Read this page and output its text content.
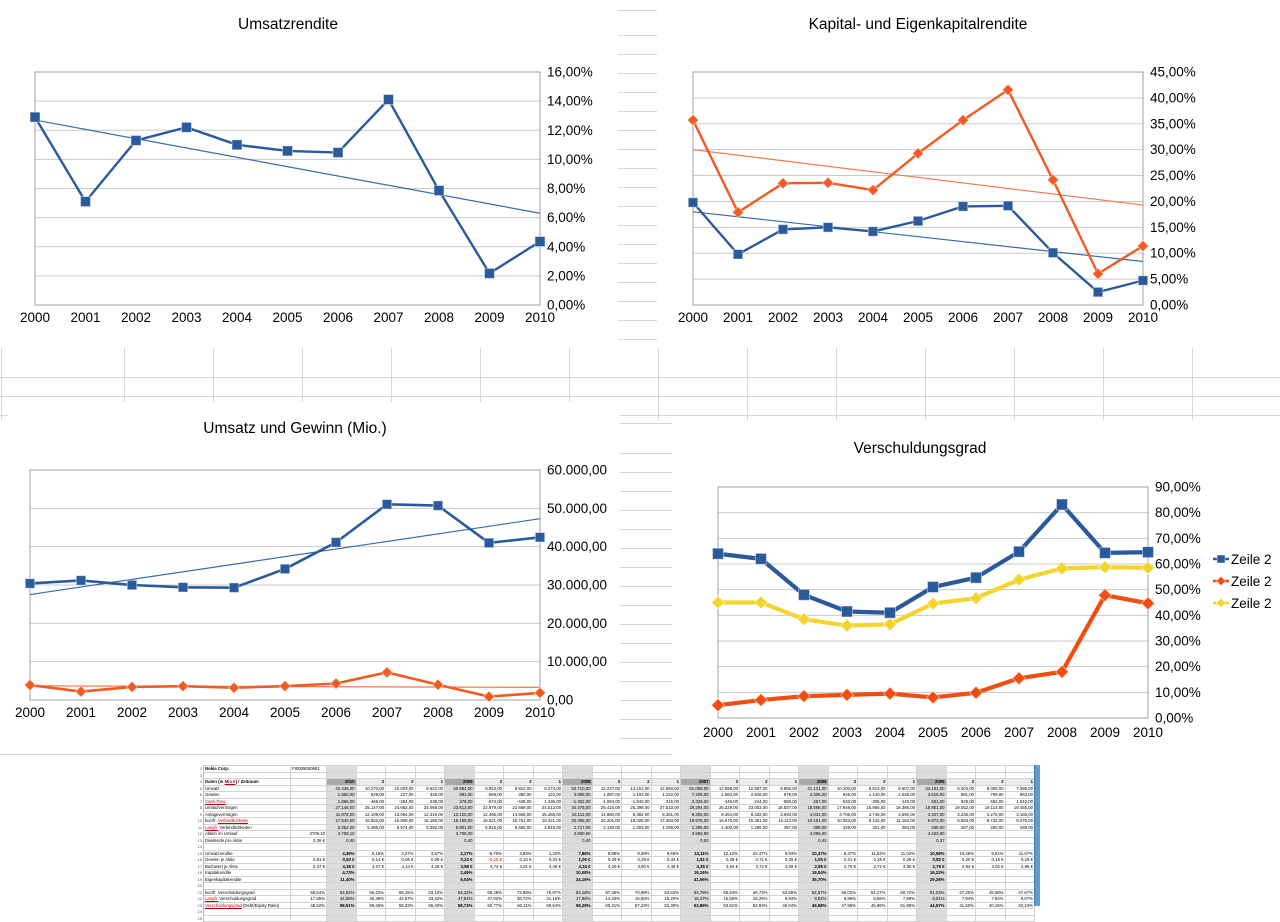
Umsatzrendite
16,00%
14,00%
12,00%
10,00%
8,00%
6,00%
4,00%
2,00%
0,00%
2000 2001 2002 2003 2004 2005 2006 2007 2008 2009 2010
Kapital- und Eigenkapitalrendite
45,00%
40,00%
35,00%
30,00%
25,00%
20,00%
15,00%
10,00%
5,00%
0,00%
2000 2001 2002 2003 2004 2005 2006 2007 2008 2009 2010
Umsatz und Gewinn (Mio.)
60.000,00
50.000,00
40.000,00
30.000,00
20.000,00
10.000,00
0,00
2000 2001 2002 2003 2004 2005 2006 2007 2008 2009 2010
Verschuldungsgrad
90,00%
80,00%
70,00%
60,00%
50,00%
40,00%
30,00%
20,00%
10,00%
0,00%
2000 2001 2002 2003 2004 2005 2006 2007 2008 2009 2010
Zeile 2
Zeile 2
Zeile 2
2	Nokia Corp.	FI0009000681																								
3																										
4	Daten (in Mio €) / Zeitraum		2010	3	2	1	2009	3	2	1	2008	3	2	1	2007	3	2	1	2006	3	2	1	2005	3	2	1
5	Umsatz		42.446,00	10.270,00	10.003,00	9.522,00	40.984,00	9.810,00	9.912,00	9.274,00	50.710,00	12.237,00	13.151,00	12.660,00	51.058,00	12.898,00	12.587,00	9.856,00	41.121,00	10.100,00	9.813,00	9.507,00	34.191,00	8.403,00	8.059,00	7.396,00
6	Gewinn		1.850,00	529,00	227,00	349,00	891,00	-559,00	380,00	122,00	3.988,00	1.087,00	1.103,00	1.222,00	7.205,00	1.563,00	2.828,00	979,00	4.306,00	845,00	1.140,00	1.048,00	3.616,00	881,00	799,00	863,00
7	Cash-Flow		1.866,00	-469,00	-294,00	238,00	378,00	-674,00	-448,00	1.436,00	-1.302,00	-1.084,00	-1.840,00	315,00	3.325,00	-146,00	-244,00	-550,00	467,00	-633,00	-306,00	-140,00	601,00	829,00	552,00	1.042,00
8	Umlaufvermögen		27.145,00	25.147,00	24.663,00	24.068,00	23.613,00	22.879,00	22.669,00	24.512,00	34.475,00	25.416,00	25.398,00	27.533,00	29.294,00	25.329,00	23.003,00	18.837,00	18.566,00	17.946,00	16.865,00	18.386,00	18.951,00	19.052,00	19.114,00	19.455,00
9	Anlagevermögen		11.978,00	12.109,00	13.064,00	12.419,00	12.125,00	12.495,00	14.606,00	15.455,00	15.112,00	14.860,00	8.382,00	8.361,00	8.305,00	8.453,00	8.432,00	3.993,00	4.031,00	3.706,00	3.746,00	3.692,00	3.347,00	3.236,00	3.276,00	3.166,00
10	kurzfr. Verbindlichkeite		17.540,00	16.652,00	16.808,00	15.186,00	15.188,00	15.621,00	16.751,00	18.421,00	20.355,00	20.201,00	18.028,00	17.393,00	18.976,00	16.676,00	15.361,00	10.113,00	10.161,00	10.053,00	9.142,00	11.164,00	9.873,00	8.693,00	8.732,00	9.275,00
11	Langfr. Verbindlichkeiten		5.352,00	5.495,00	5.574,00	5.392,00	5.801,00	5.816,00	5.656,00	4.816,00	2.717,00	2.130,00	1.303,00	1.269,00	1.285,00	1.400,00	1.286,00	397,00	398,00	329,00	321,00	284,00	268,00	257,00	260,00	269,00
12	Aktien im Umlauf	3709,10	3.709,10				3.708,30				3.800,90				3.982,80				4.095,00				4.433,90			
13	Dividende pro Aktie	0,36 €	0,40				0,40				0,40				0,53				0,43				0,37			
14																										
15	Umsatzrendite		4,36%	5,15%	2,27%	3,67%	2,17%	-5,70%	3,83%	1,32%	7,86%	8,88%	8,39%	9,65%	14,11%	12,12%	22,47%	9,93%	10,47%	8,37%	11,62%	11,02%	10,58%	10,48%	9,91%	11,67%
16	Gewinn je Aktie	0,81 €	0,50 €	0,14 €	0,06 €	0,09 €	0,24 €	-0,15 €	0,10 €	0,03 €	1,05 €	0,29 €	0,29 €	0,32 €	1,81 €	0,39 €	0,71 €	0,25 €	1,05 €	0,21 €	0,28 €	0,26 €	0,82 €	0,20 €	0,18 €	0,19 €
17	Buchwert je Aktie	3,37 €	4,38 €	4,07 €	4,14 €	4,29 €	3,98 €	3,74 €	4,01 €	4,46 €	4,34 €	4,20 €	3,80 €	4,48 €	4,35 €	3,94 €	3,72 €	3,09 €	2,95 €	2,75 €	2,72 €	2,80 €	2,79 €	2,94 €	3,02 €	2,95 €
18	Kapitalrendite		4,73%				2,49%				10,08%				19,16%				19,04%				16,22%			
19	Eigenkapitalrendite		11,40%				6,04%				24,16%				41,56%				35,70%				29,26%			
20																										
21	kurzfr. Verschuldungsgrad	58,54%	64,62%	66,22%	68,15%	63,10%	64,32%	68,28%	73,89%	75,97%	83,18%	87,35%	70,98%	63,63%	64,78%	65,84%	66,73%	53,69%	54,67%	56,02%	54,27%	60,72%	51,03%	47,20%	45,68%	47,67%
22	Langfr. Verschuldungsgrad	17,55%	44,68%	45,38%	42,67%	43,42%	47,84%	47,03%	38,72%	31,16%	17,98%	14,33%	15,55%	15,20%	15,47%	16,56%	15,25%	9,94%	9,82%	8,88%	8,56%	7,89%	8,01%	7,94%	7,94%	9,07%
23	Verschuldungsgrad (Debt/Equity Ratio)	48,52%	58,51%	59,45%	59,33%	56,40%	58,73%	60,77%	60,11%	58,64%	58,29%	60,41%	57,23%	52,30%	53,89%	53,51%	52,93%	46,04%	46,68%	47,95%	45,96%	51,85%	44,57%	41,50%	40,16%	42,24%
24																										
25																										
